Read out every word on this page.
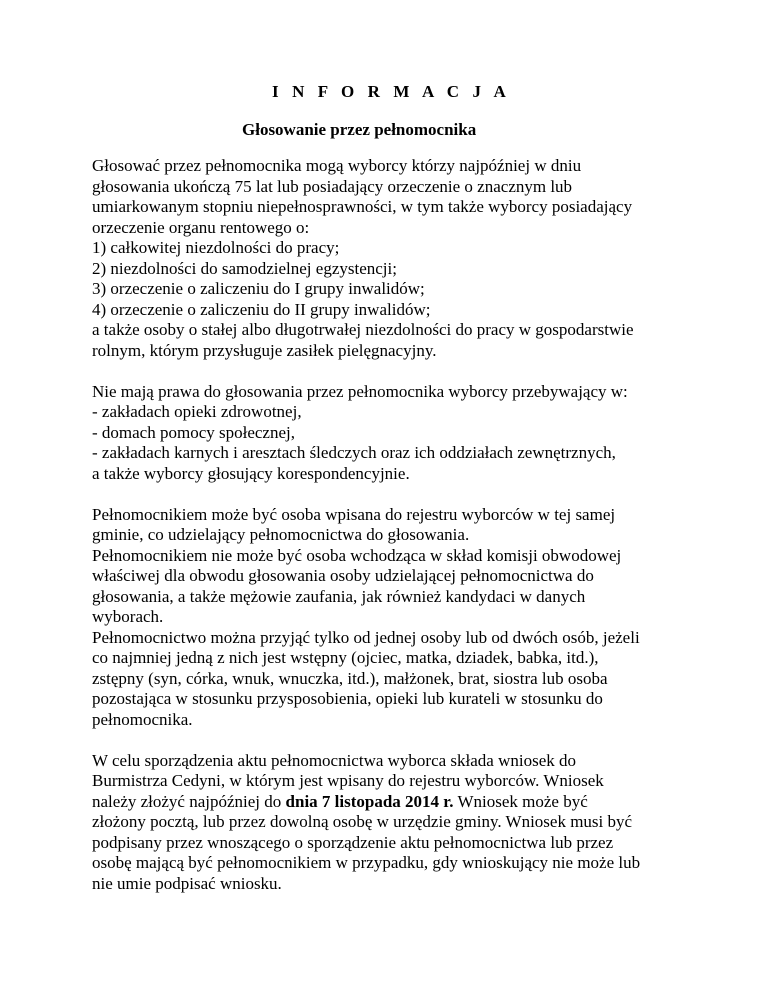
I N F O R M A C J A
Głosowanie przez pełnomocnika
Głosować przez pełnomocnika mogą wyborcy którzy najpóźniej w dniu
głosowania ukończą 75 lat lub posiadający orzeczenie o znacznym lub
umiarkowanym stopniu niepełnosprawności, w tym także wyborcy posiadający
orzeczenie organu rentowego o:
1) całkowitej niezdolności do pracy;
2) niezdolności do samodzielnej egzystencji;
3) orzeczenie o zaliczeniu do I grupy inwalidów;
4) orzeczenie o zaliczeniu do II grupy inwalidów;
a także osoby o stałej albo długotrwałej niezdolności do pracy w gospodarstwie
rolnym, którym przysługuje zasiłek pielęgnacyjny.
Nie mają prawa do głosowania przez pełnomocnika wyborcy przebywający w:
- zakładach opieki zdrowotnej,
- domach pomocy społecznej,
- zakładach karnych i aresztach śledczych oraz ich oddziałach zewnętrznych,
a także wyborcy głosujący korespondencyjnie.
Pełnomocnikiem może być osoba wpisana do rejestru wyborców w tej samej
gminie, co udzielający pełnomocnictwa do głosowania.
Pełnomocnikiem nie może być osoba wchodząca w skład komisji obwodowej
właściwej dla obwodu głosowania osoby udzielającej pełnomocnictwa do
głosowania, a także mężowie zaufania, jak również kandydaci w danych
wyborach.
Pełnomocnictwo można przyjąć tylko od jednej osoby lub od dwóch osób, jeżeli
co najmniej jedną z nich jest wstępny (ojciec, matka, dziadek, babka, itd.),
zstępny (syn, córka, wnuk, wnuczka, itd.), małżonek, brat, siostra lub osoba
pozostająca w stosunku przysposobienia, opieki lub kurateli w stosunku do
pełnomocnika.
W celu sporządzenia aktu pełnomocnictwa wyborca składa wniosek do
Burmistrza Cedyni, w którym jest wpisany do rejestru wyborców. Wniosek
należy złożyć najpóźniej do dnia 7 listopada 2014 r. Wniosek może być
złożony pocztą, lub przez dowolną osobę w urzędzie gminy. Wniosek musi być
podpisany przez wnoszącego o sporządzenie aktu pełnomocnictwa lub przez
osobę mającą być pełnomocnikiem w przypadku, gdy wnioskujący nie może lub
nie umie podpisać wniosku.
